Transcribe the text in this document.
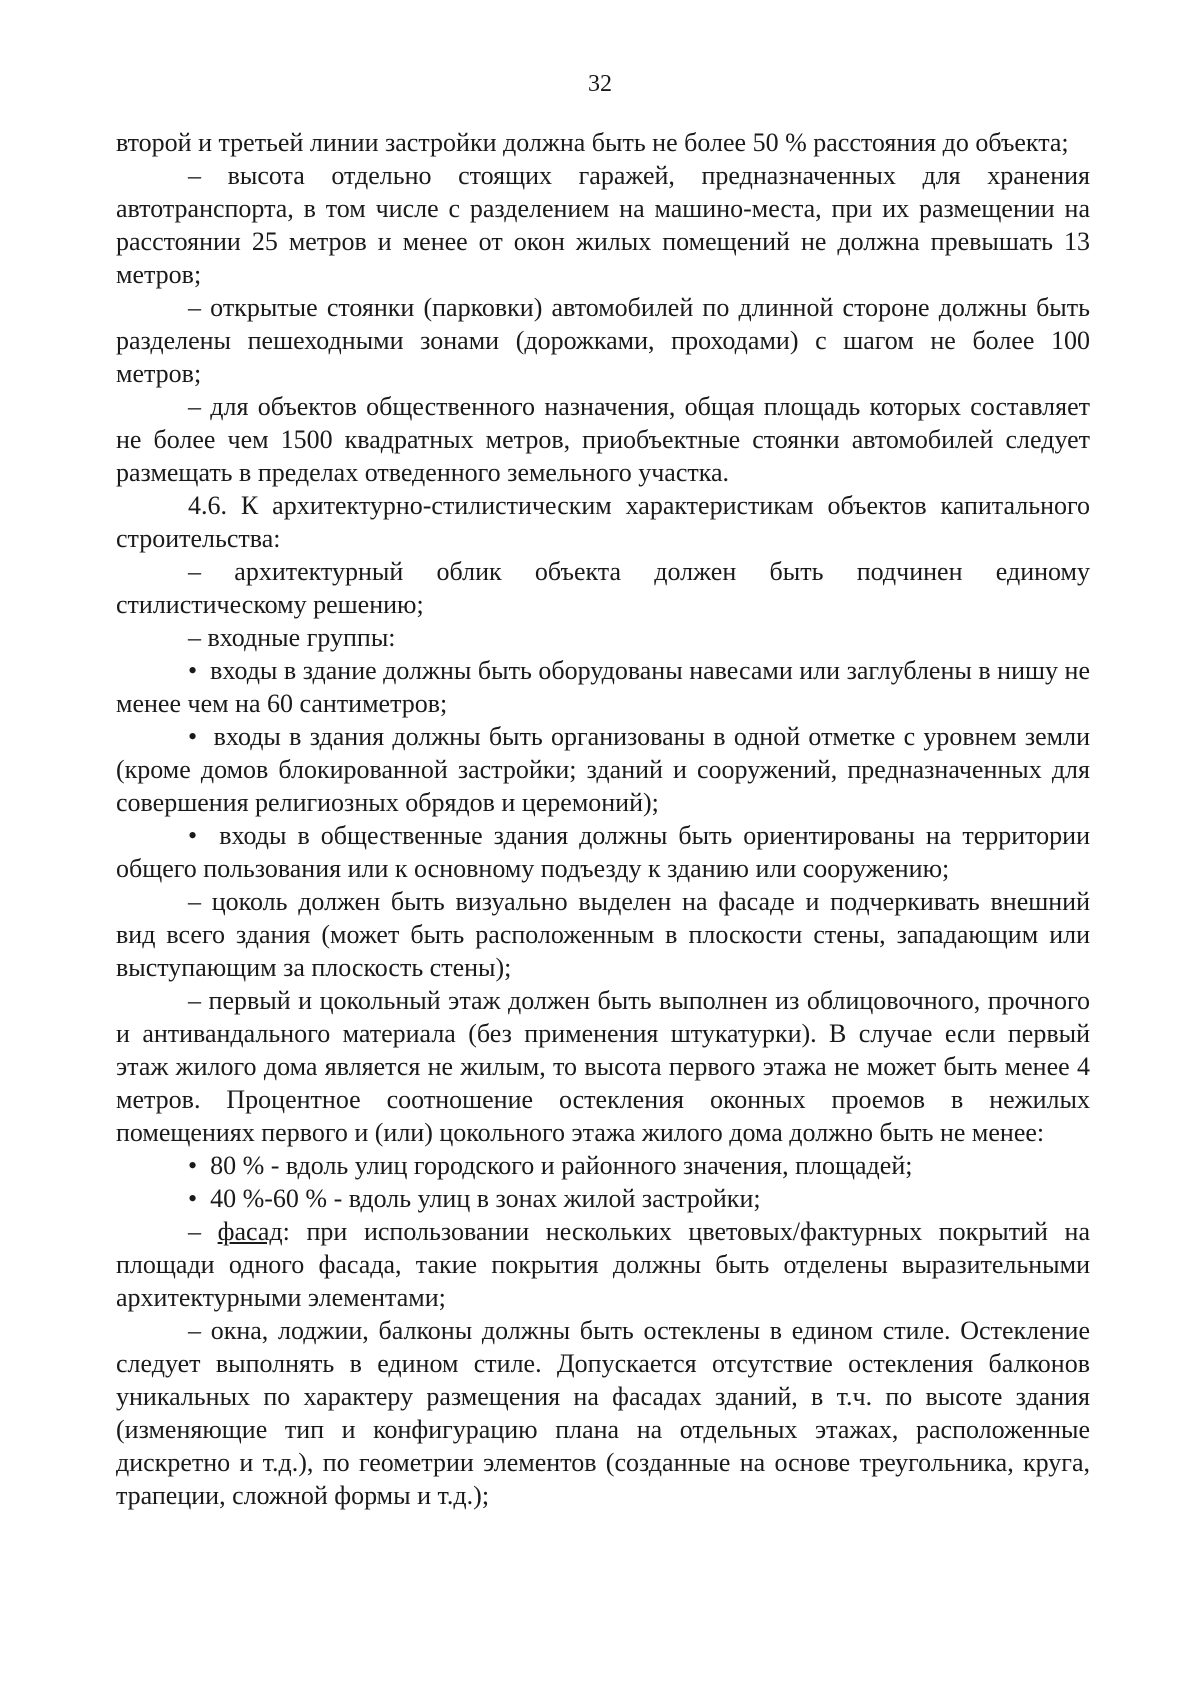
32

второй и третьей линии застройки должна быть не более 50 % расстояния до объекта;

– высота отдельно стоящих гаражей, предназначенных для хранения автотранспорта, в том числе с разделением на машино-места, при их размещении на расстоянии 25 метров и менее от окон жилых помещений не должна превышать 13 метров;

– открытые стоянки (парковки) автомобилей по длинной стороне должны быть разделены пешеходными зонами (дорожками, проходами) с шагом не более 100 метров;

– для объектов общественного назначения, общая площадь которых составляет не более чем 1500 квадратных метров, приобъектные стоянки автомобилей следует размещать в пределах отведенного земельного участка.

4.6. К архитектурно-стилистическим характеристикам объектов капитального строительства:

– архитектурный облик объекта должен быть подчинен единому стилистическому решению;

– входные группы:

•  входы в здание должны быть оборудованы навесами или заглублены в нишу не менее чем на 60 сантиметров;

•  входы в здания должны быть организованы в одной отметке с уровнем земли (кроме домов блокированной застройки; зданий и сооружений, предназначенных для совершения религиозных обрядов и церемоний);

•  входы в общественные здания должны быть ориентированы на территории общего пользования или к основному подъезду к зданию или сооружению;

– цоколь должен быть визуально выделен на фасаде и подчеркивать внешний вид всего здания (может быть расположенным в плоскости стены, западающим или выступающим за плоскость стены);

– первый и цокольный этаж должен быть выполнен из облицовочного, прочного и антивандального материала (без применения штукатурки). В случае если первый этаж жилого дома является не жилым, то высота первого этажа не может быть менее 4 метров. Процентное соотношение остекления оконных проемов в нежилых помещениях первого и (или) цокольного этажа жилого дома должно быть не менее:

•  80 % - вдоль улиц городского и районного значения, площадей;

•  40 %-60 % - вдоль улиц в зонах жилой застройки;

– фасад: при использовании нескольких цветовых/фактурных покрытий на площади одного фасада, такие покрытия должны быть отделены выразительными архитектурными элементами;

– окна, лоджии, балконы должны быть остеклены в едином стиле. Остекление следует выполнять в едином стиле. Допускается отсутствие остекления балконов уникальных по характеру размещения на фасадах зданий, в т.ч. по высоте здания (изменяющие тип и конфигурацию плана на отдельных этажах, расположенные дискретно и т.д.), по геометрии элементов (созданные на основе треугольника, круга, трапеции, сложной формы и т.д.);
